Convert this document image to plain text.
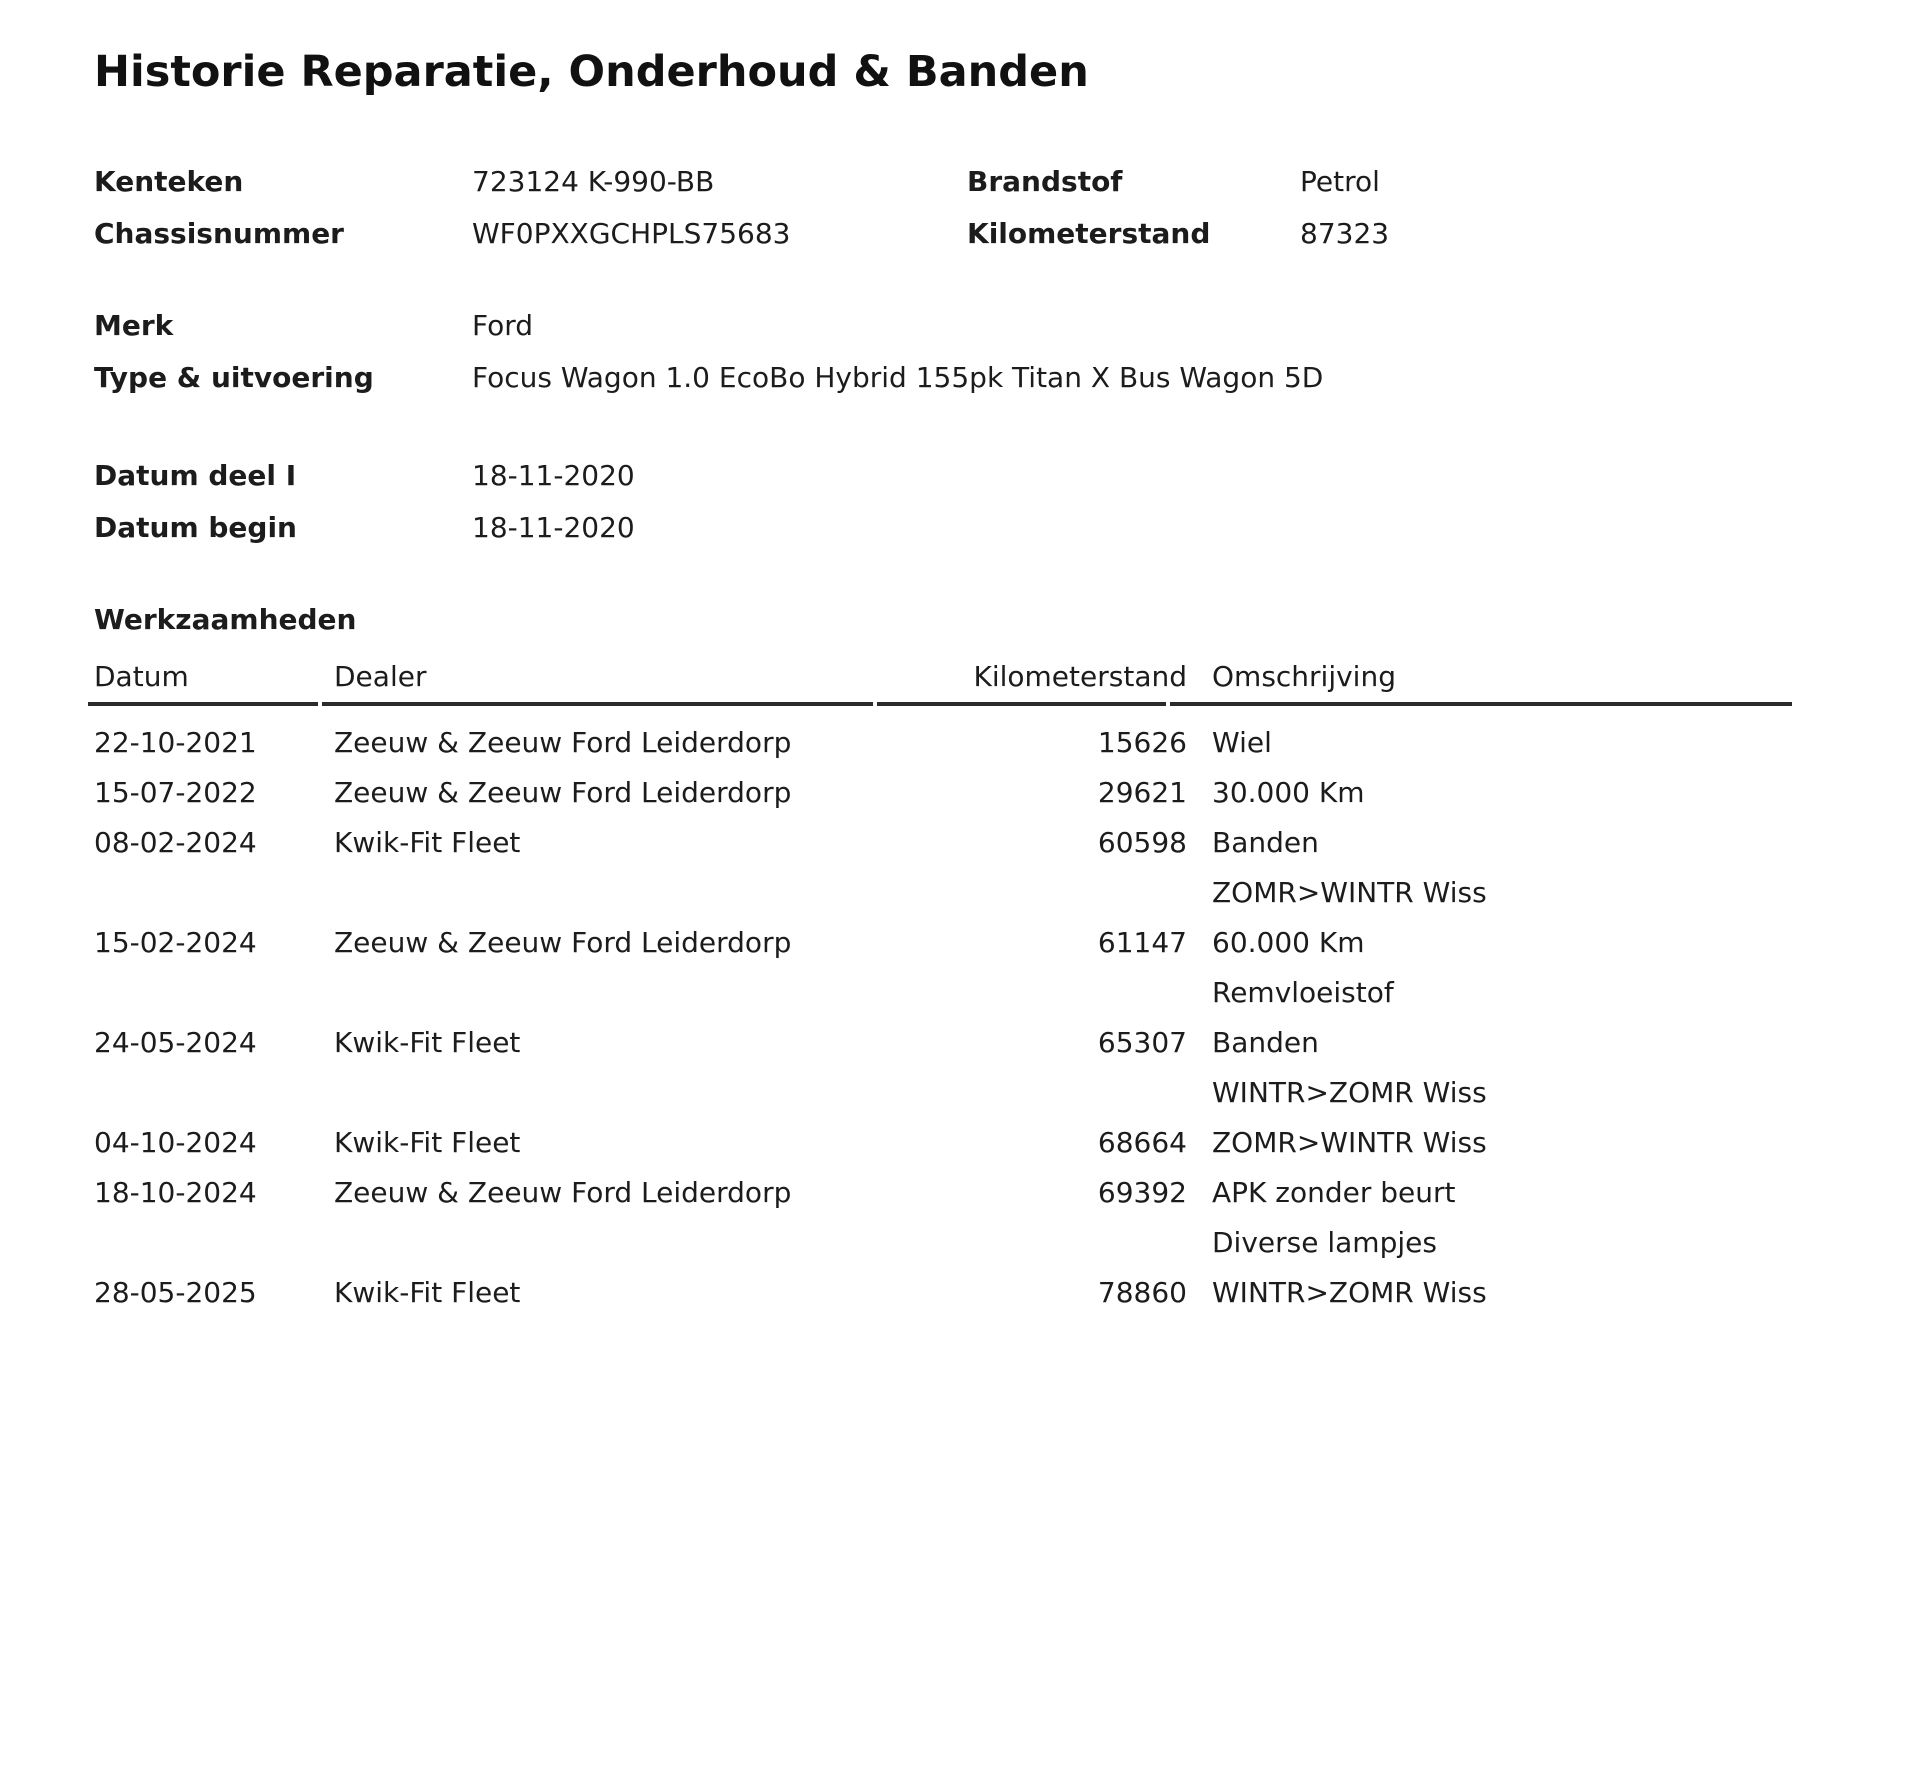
Historie Reparatie, Onderhoud & Banden
Kenteken	723124 K-990-BB	Brandstof	Petrol
Chassisnummer	WF0PXXGCHPLS75683	Kilometerstand	87323
Merk	Ford
Type & uitvoering	Focus Wagon 1.0 EcoBo Hybrid 155pk Titan X Bus Wagon 5D
Datum deel I	18-11-2020
Datum begin	18-11-2020
Werkzaamheden
Datum	Dealer	Kilometerstand Omschrijving
22-10-2021	Zeeuw & Zeeuw Ford Leiderdorp	15626 Wiel
15-07-2022	Zeeuw & Zeeuw Ford Leiderdorp	29621 30.000 Km
08-02-2024	Kwik-Fit Fleet	60598 Banden
ZOMR>WINTR Wiss
15-02-2024	Zeeuw & Zeeuw Ford Leiderdorp	61147 60.000 Km
Remvloeistof
24-05-2024	Kwik-Fit Fleet	65307 Banden
WINTR>ZOMR Wiss
04-10-2024	Kwik-Fit Fleet	68664 ZOMR>WINTR Wiss
18-10-2024	Zeeuw & Zeeuw Ford Leiderdorp	69392 APK zonder beurt
Diverse lampjes
28-05-2025	Kwik-Fit Fleet	78860 WINTR>ZOMR Wiss
